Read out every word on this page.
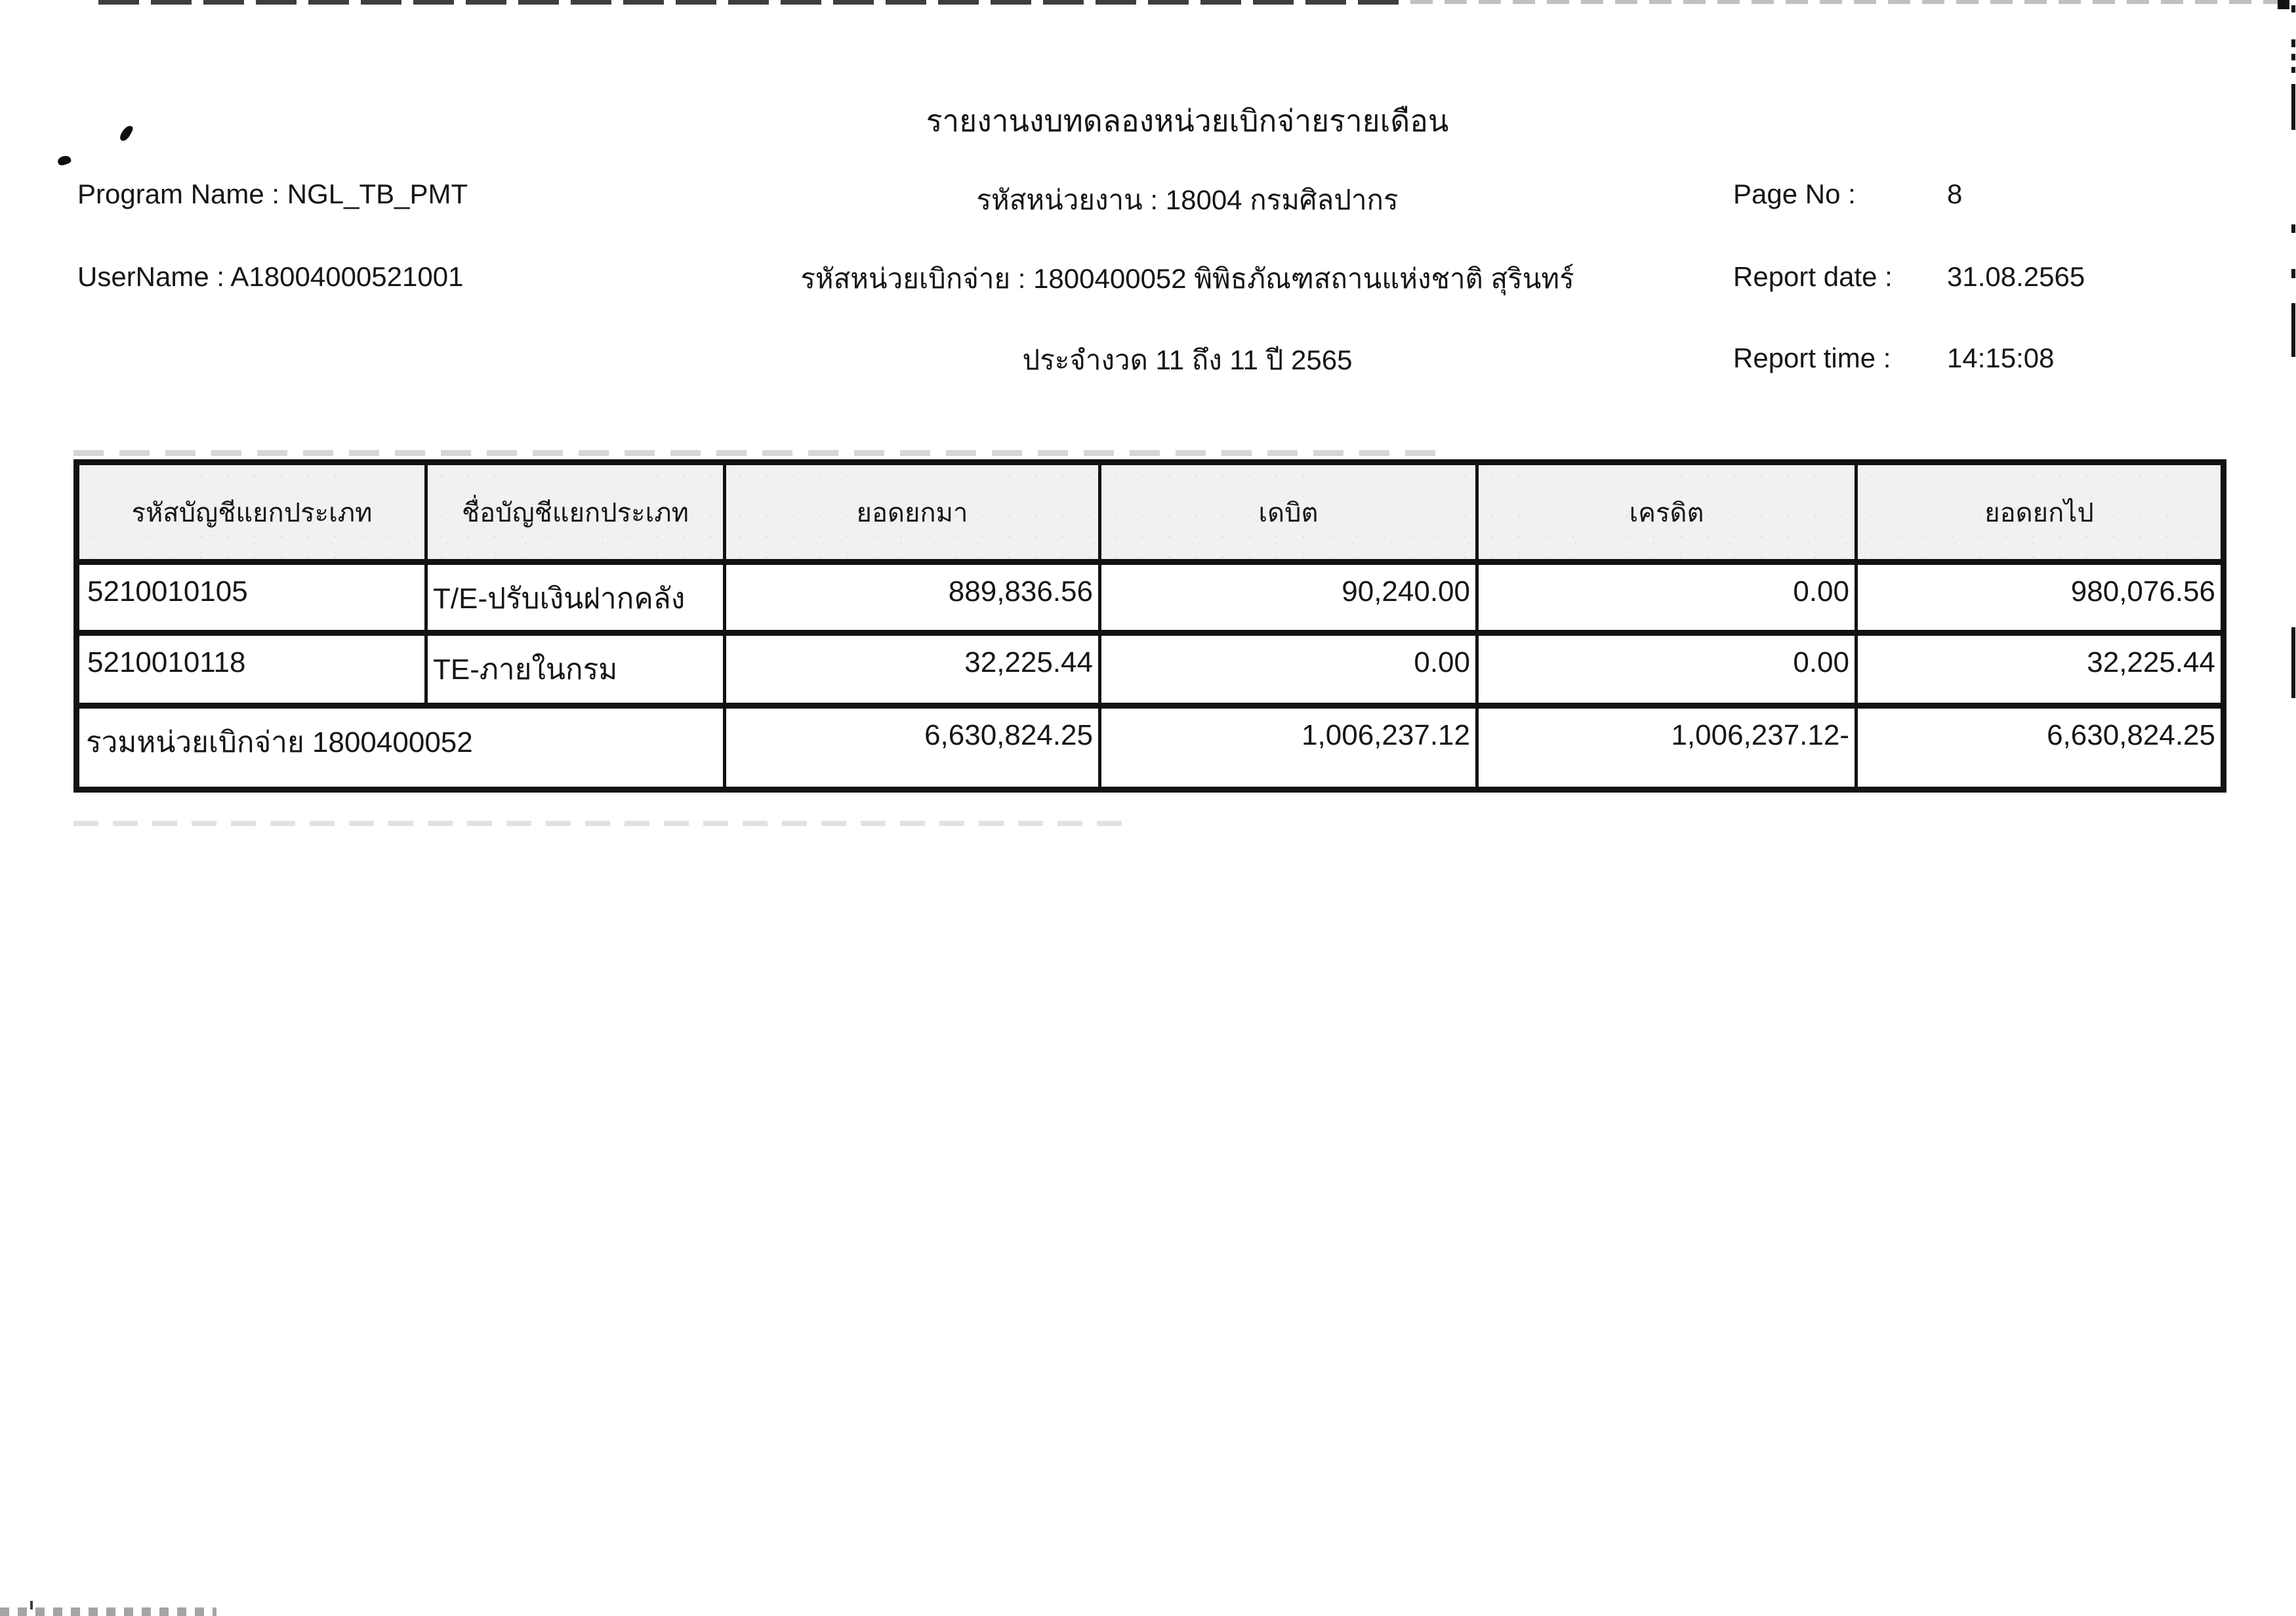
รายงานงบทดลองหน่วยเบิกจ่ายรายเดือน
Program Name : NGL_TB_PMT	รหัสหน่วยงาน : 18004 กรมศิลปากร	Page No :	8
UserName : A18004000521001	รหัสหน่วยเบิกจ่าย : 1800400052 พิพิธภัณฑสถานแห่งชาติ สุรินทร์	Report date : 31.08.2565
ประจำงวด 11 ถึง 11 ปี 2565	Report time : 14:15:08
รหัสบัญชีแยกประเภท	ชื่อบัญชีแยกประเภท	ยอดยกมา	เดบิต	เครดิต	ยอดยกไป
5210010105	T/E-ปรับเงินฝากคลัง	889,836.56	90,240.00	0.00	980,076.56
5210010118	TE-ภายในกรม	32,225.44	0.00	0.00	32,225.44
รวมหน่วยเบิกจ่าย 1800400052		6,630,824.25	1,006,237.12	1,006,237.12-	6,630,824.25
